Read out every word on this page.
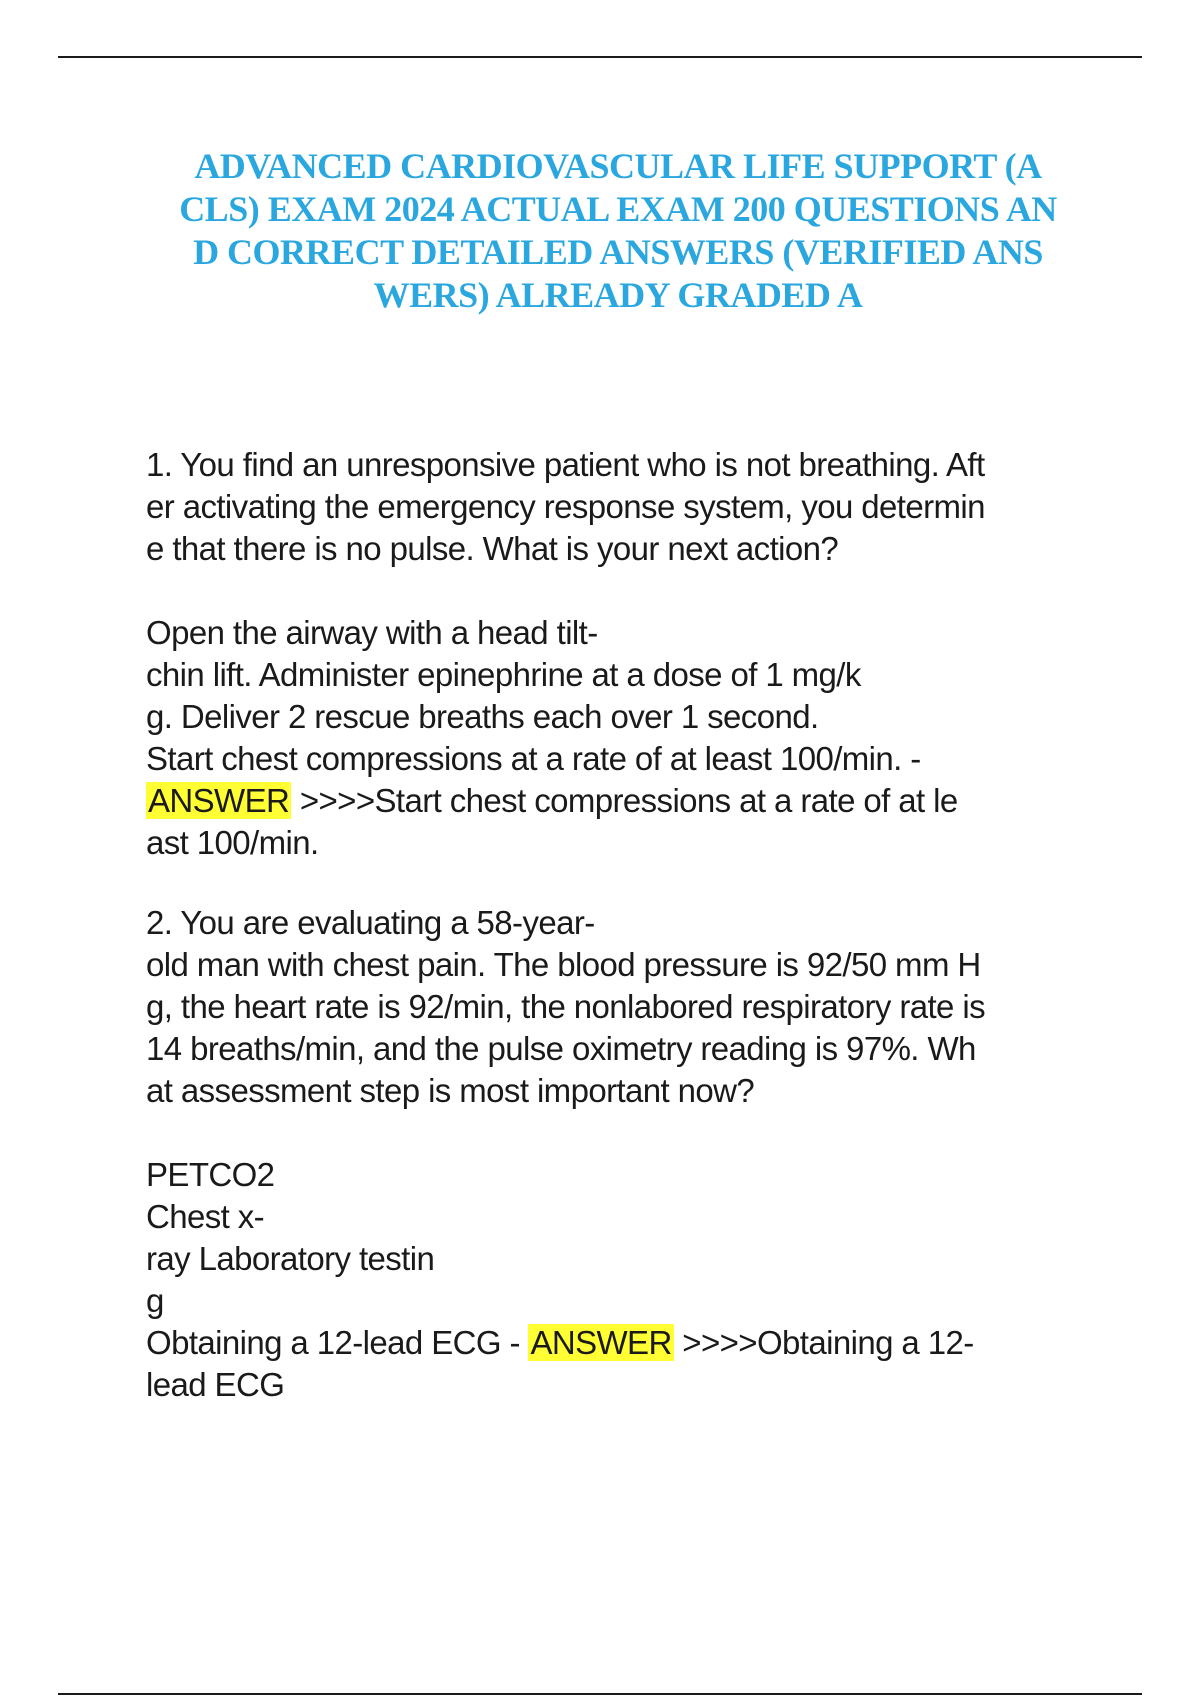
ADVANCED CARDIOVASCULAR LIFE SUPPORT (A
CLS) EXAM 2024 ACTUAL EXAM 200 QUESTIONS AN
D CORRECT DETAILED ANSWERS (VERIFIED ANS
WERS) ALREADY GRADED A
1. You find an unresponsive patient who is not breathing. Aft
er activating the emergency response system, you determin
e that there is no pulse. What is your next action?
Open the airway with a head tilt-
chin lift. Administer epinephrine at a dose of 1 mg/k
g. Deliver 2 rescue breaths each over 1 second.
Start chest compressions at a rate of at least 100/min. -
ANSWER >>>>Start chest compressions at a rate of at le
ast 100/min.
2. You are evaluating a 58-year-
old man with chest pain. The blood pressure is 92/50 mm H
g, the heart rate is 92/min, the nonlabored respiratory rate is
14 breaths/min, and the pulse oximetry reading is 97%. Wh
at assessment step is most important now?
PETCO2
Chest x-
ray Laboratory testin
g
Obtaining a 12-lead ECG - ANSWER >>>>Obtaining a 12-
lead ECG
